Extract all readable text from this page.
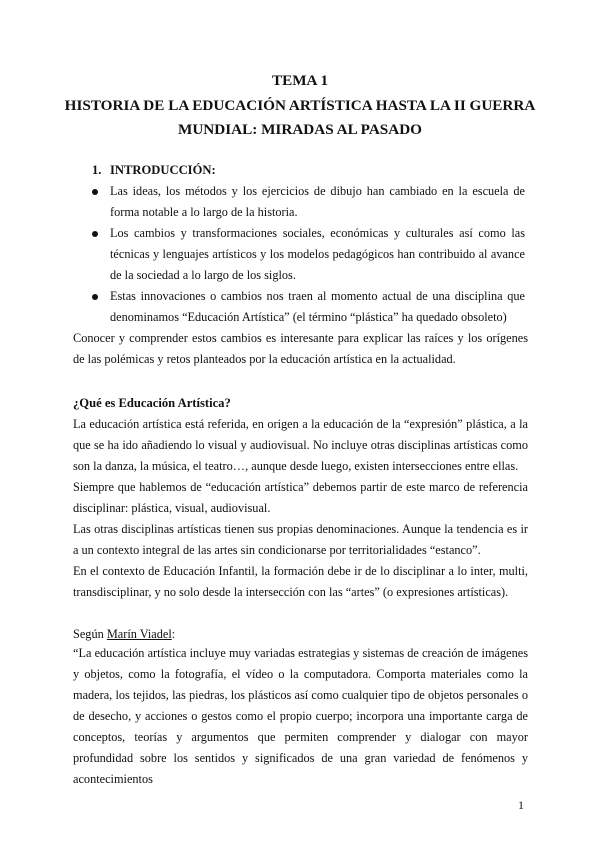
TEMA 1
HISTORIA DE LA EDUCACIÓN ARTÍSTICA HASTA LA II GUERRA
MUNDIAL: MIRADAS AL PASADO
1. INTRODUCCIÓN:
Las ideas, los métodos y los ejercicios de dibujo han cambiado en la escuela de forma notable a lo largo de la historia.
Los cambios y transformaciones sociales, económicas y culturales así como las técnicas y lenguajes artísticos y los modelos pedagógicos han contribuido al avance de la sociedad a lo largo de los siglos.
Estas innovaciones o cambios nos traen al momento actual de una disciplina que denominamos “Educación Artística” (el término “plástica” ha quedado obsoleto)

Conocer y comprender estos cambios es interesante para explicar las raíces y los orígenes de las polémicas y retos planteados por la educación artística en la actualidad.

¿Qué es Educación Artística?

La educación artística está referida, en origen a la educación de la “expresión” plástica, a la que se ha ido añadiendo lo visual y audiovisual. No incluye otras disciplinas artísticas como son la danza, la música, el teatro…, aunque desde luego, existen intersecciones entre ellas.

Siempre que hablemos de “educación artística” debemos partir de este marco de referencia disciplinar: plástica, visual, audiovisual.

Las otras disciplinas artísticas tienen sus propias denominaciones. Aunque la tendencia es ir a un contexto integral de las artes sin condicionarse por territorialidades “estanco”.

En el contexto de Educación Infantil, la formación debe ir de lo disciplinar a lo inter, multi, transdisciplinar, y no solo desde la intersección con las “artes” (o expresiones artísticas).

Según Marín Viadel:

“La educación artística incluye muy variadas estrategias y sistemas de creación de imágenes y objetos, como la fotografía, el vídeo o la computadora. Comporta materiales como la madera, los tejidos, las piedras, los plásticos así como cualquier tipo de objetos personales o de desecho, y acciones o gestos como el propio cuerpo; incorpora una importante carga de conceptos, teorías y argumentos que permiten comprender y dialogar con mayor profundidad sobre los sentidos y significados de una gran variedad de fenómenos y acontecimientos

1
